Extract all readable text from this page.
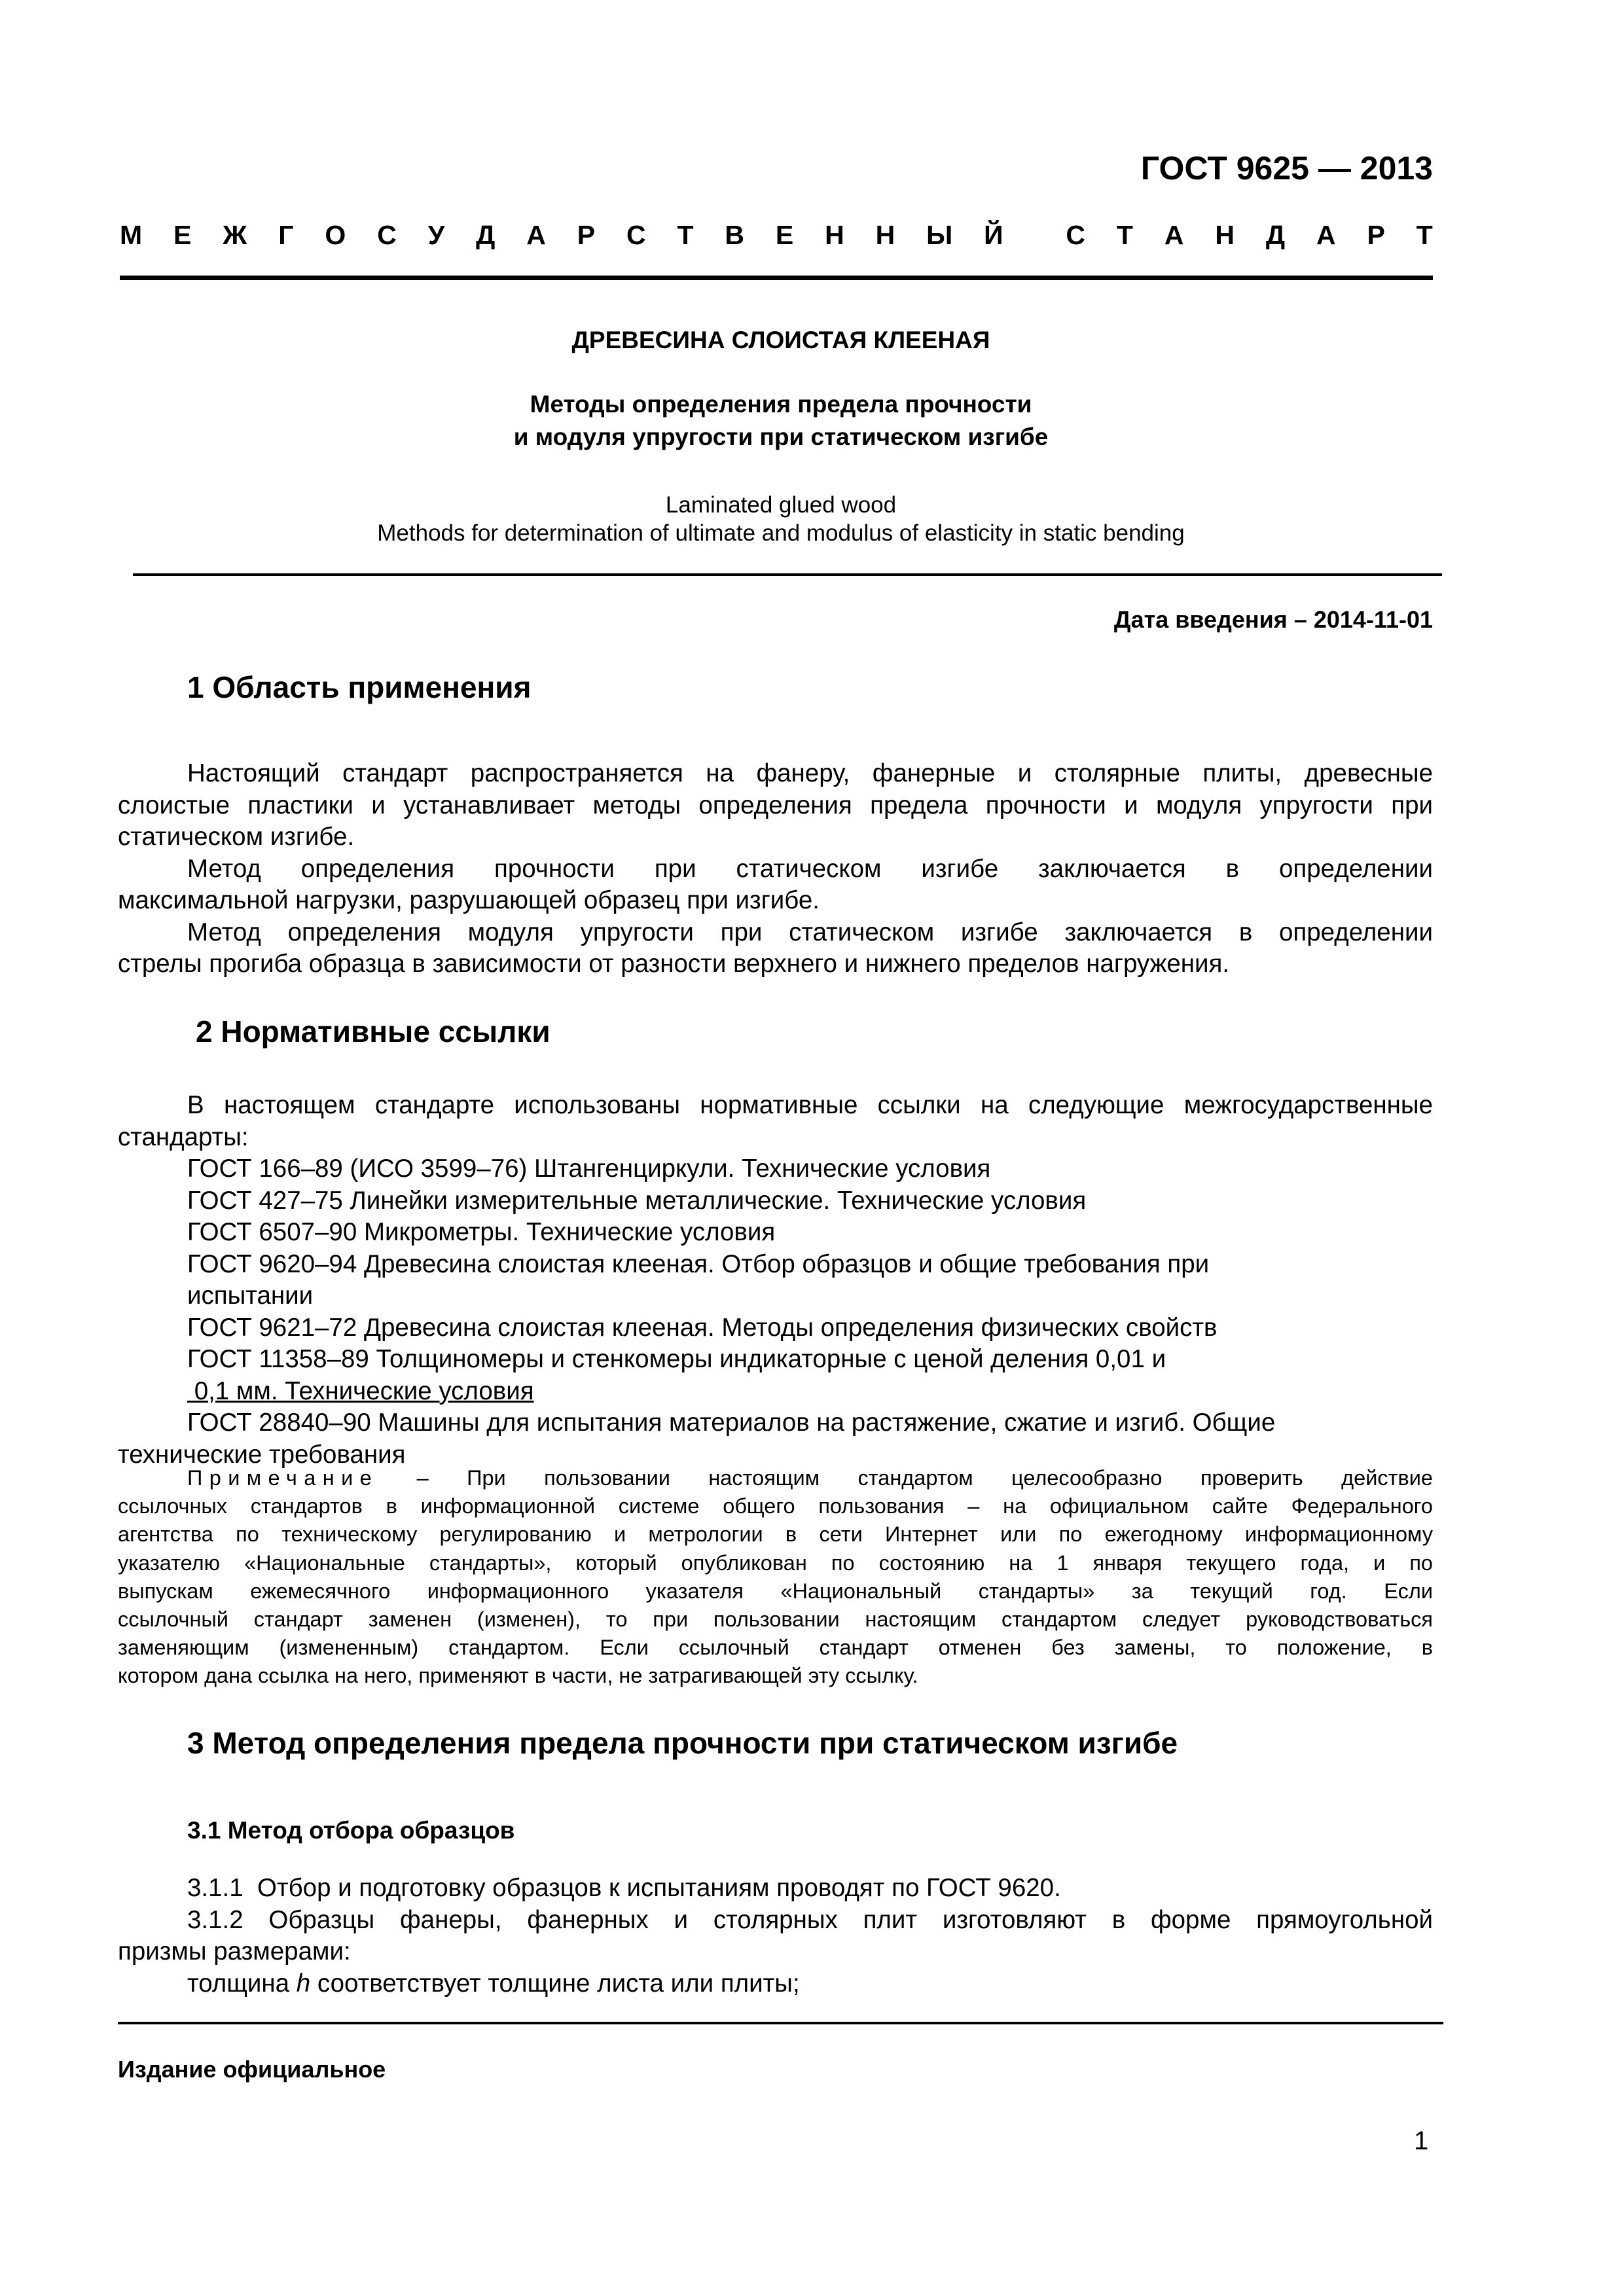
ГОСТ 9625 — 2013
М Е Ж Г О С У Д А Р С Т В Е Н Н Ы Й С Т А Н Д А Р Т
ДРЕВЕСИНА СЛОИСТАЯ КЛЕЕНАЯ
Методы определения предела прочности
и модуля упругости при статическом изгибе
Laminated glued wood
Methods for determination of ultimate and modulus of elasticity in static bending
Дата введения – 2014-11-01
1 Область применения
Настоящий стандарт распространяется на фанеру, фанерные и столярные плиты, древесные
слоистые пластики и устанавливает методы определения предела прочности и модуля упругости при
статическом изгибе.
Метод определения прочности при статическом изгибе заключается в определении
максимальной нагрузки, разрушающей образец при изгибе.
Метод определения модуля упругости при статическом изгибе заключается в определении
стрелы прогиба образца в зависимости от разности верхнего и нижнего пределов нагружения.
2 Нормативные ссылки
В настоящем стандарте использованы нормативные ссылки на следующие межгосударственные
стандарты:
ГОСТ 166–89 (ИСО 3599–76) Штангенциркули. Технические условия
ГОСТ 427–75 Линейки измерительные металлические. Технические условия
ГОСТ 6507–90 Микрометры. Технические условия
ГОСТ 9620–94 Древесина слоистая клееная. Отбор образцов и общие требования при
испытании
ГОСТ 9621–72 Древесина слоистая клееная. Методы определения физических свойств
ГОСТ 11358–89 Толщиномеры и стенкомеры индикаторные с ценой деления 0,01 и
0,1 мм. Технические условия
ГОСТ 28840–90 Машины для испытания материалов на растяжение, сжатие и изгиб. Общие
технические требования
Примечание – При пользовании настоящим стандартом целесообразно проверить действие
ссылочных стандартов в информационной системе общего пользования – на официальном сайте Федерального
агентства по техническому регулированию и метрологии в сети Интернет или по ежегодному информационному
указателю «Национальные стандарты», который опубликован по состоянию на 1 января текущего года, и по
выпускам ежемесячного информационного указателя «Национальный стандарты» за текущий год. Если
ссылочный стандарт заменен (изменен), то при пользовании настоящим стандартом следует руководствоваться
заменяющим (измененным) стандартом. Если ссылочный стандарт отменен без замены, то положение, в
котором дана ссылка на него, применяют в части, не затрагивающей эту ссылку.
3 Метод определения предела прочности при статическом изгибе
3.1 Метод отбора образцов
3.1.1  Отбор и подготовку образцов к испытаниям проводят по ГОСТ 9620.
3.1.2 Образцы фанеры, фанерных и столярных плит изготовляют в форме прямоугольной
призмы размерами:
толщина h соответствует толщине листа или плиты;
Издание официальное
1
